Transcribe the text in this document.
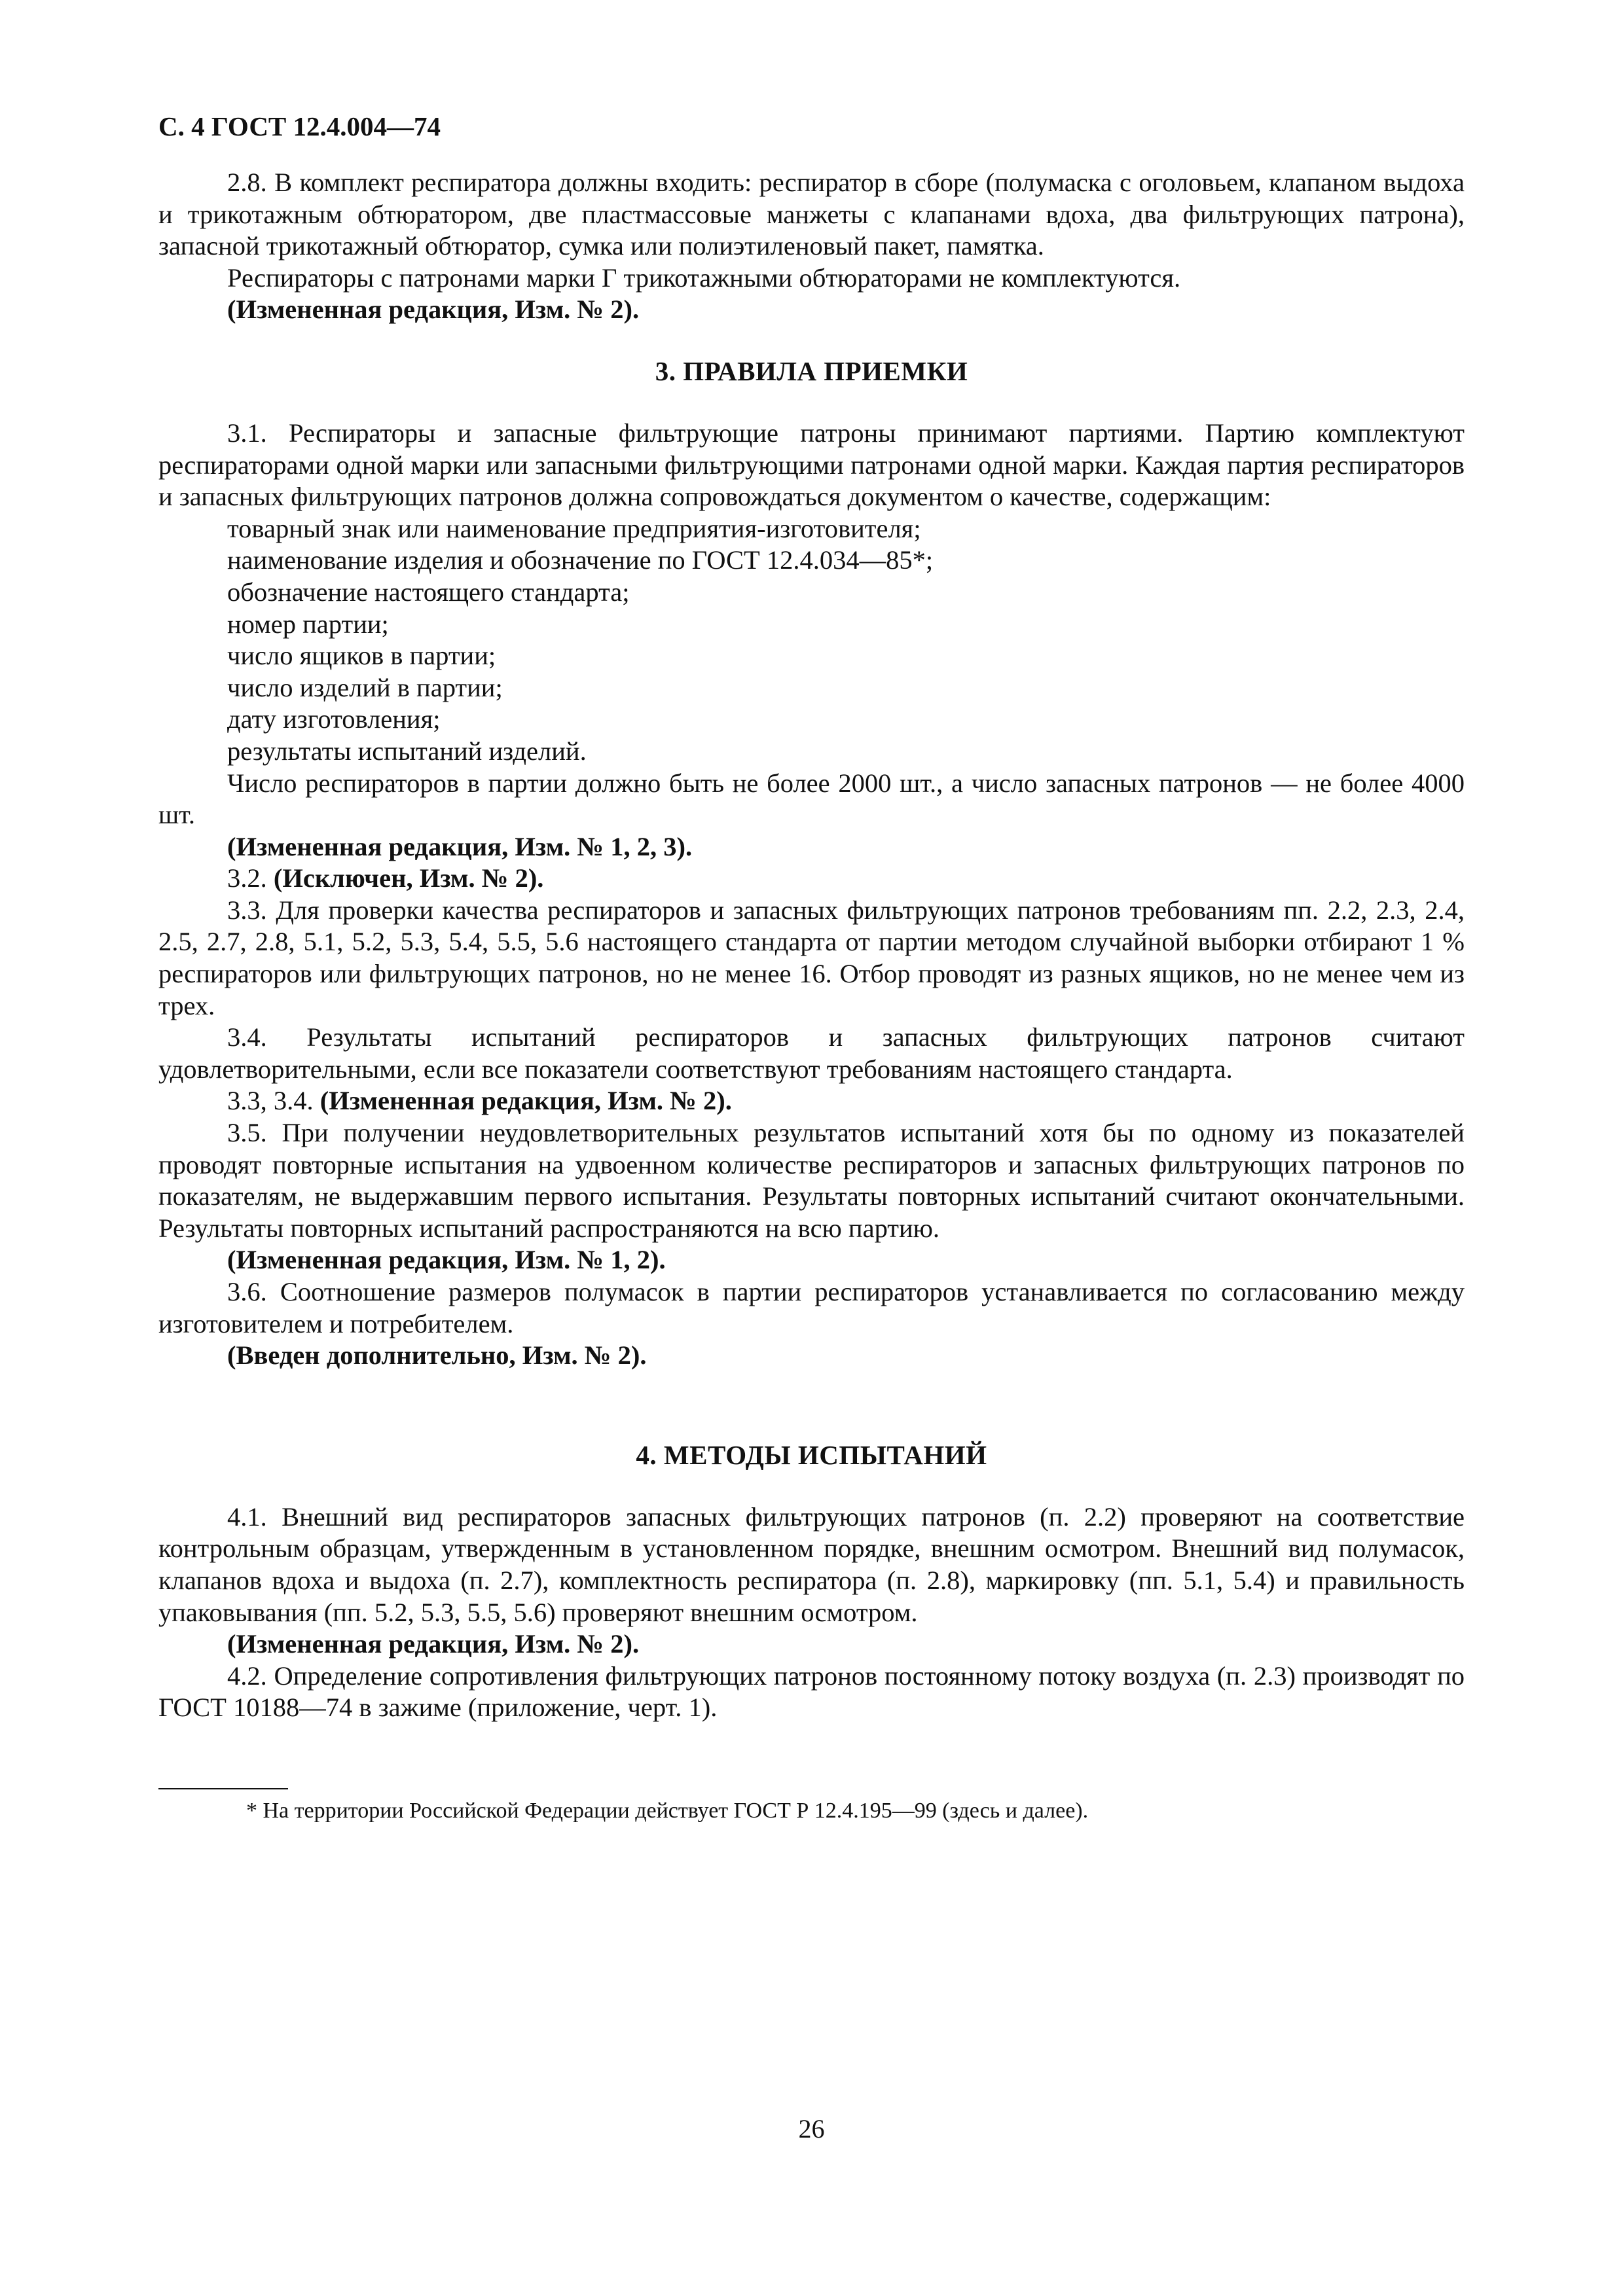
С. 4 ГОСТ 12.4.004—74

2.8. В комплект респиратора должны входить: респиратор в сборе (полумаска с оголовьем, клапаном выдоха и трикотажным обтюратором, две пластмассовые манжеты с клапанами вдоха, два фильтрующих патрона), запасной трикотажный обтюратор, сумка или полиэтиленовый пакет, памятка.

Респираторы с патронами марки Г трикотажными обтюраторами не комплектуются.

(Измененная редакция, Изм. № 2).

3. ПРАВИЛА ПРИЕМКИ

3.1. Респираторы и запасные фильтрующие патроны принимают партиями. Партию комплектуют респираторами одной марки или запасными фильтрующими патронами одной марки. Каждая партия респираторов и запасных фильтрующих патронов должна сопровождаться документом о качестве, содержащим:

товарный знак или наименование предприятия-изготовителя;

наименование изделия и обозначение по ГОСТ 12.4.034—85*;

обозначение настоящего стандарта;

номер партии;

число ящиков в партии;

число изделий в партии;

дату изготовления;

результаты испытаний изделий.

Число респираторов в партии должно быть не более 2000 шт., а число запасных патронов — не более 4000 шт.

(Измененная редакция, Изм. № 1, 2, 3).

3.2. (Исключен, Изм. № 2).

3.3. Для проверки качества респираторов и запасных фильтрующих патронов требованиям пп. 2.2, 2.3, 2.4, 2.5, 2.7, 2.8, 5.1, 5.2, 5.3, 5.4, 5.5, 5.6 настоящего стандарта от партии методом случайной выборки отбирают 1 % респираторов или фильтрующих патронов, но не менее 16. Отбор проводят из разных ящиков, но не менее чем из трех.

3.4. Результаты испытаний респираторов и запасных фильтрующих патронов считают удовлетворительными, если все показатели соответствуют требованиям настоящего стандарта.

3.3, 3.4. (Измененная редакция, Изм. № 2).

3.5. При получении неудовлетворительных результатов испытаний хотя бы по одному из показателей проводят повторные испытания на удвоенном количестве респираторов и запасных фильтрующих патронов по показателям, не выдержавшим первого испытания. Результаты повторных испытаний считают окончательными. Результаты повторных испытаний распространяются на всю партию.

(Измененная редакция, Изм. № 1, 2).

3.6. Соотношение размеров полумасок в партии респираторов устанавливается по согласованию между изготовителем и потребителем.

(Введен дополнительно, Изм. № 2).

4. МЕТОДЫ ИСПЫТАНИЙ

4.1. Внешний вид респираторов запасных фильтрующих патронов (п. 2.2) проверяют на соответствие контрольным образцам, утвержденным в установленном порядке, внешним осмотром. Внешний вид полумасок, клапанов вдоха и выдоха (п. 2.7), комплектность респиратора (п. 2.8), маркировку (пп. 5.1, 5.4) и правильность упаковывания (пп. 5.2, 5.3, 5.5, 5.6) проверяют внешним осмотром.

(Измененная редакция, Изм. № 2).

4.2. Определение сопротивления фильтрующих патронов постоянному потоку воздуха (п. 2.3) производят по ГОСТ 10188—74 в зажиме (приложение, черт. 1).

* На территории Российской Федерации действует ГОСТ Р 12.4.195—99 (здесь и далее).

26
